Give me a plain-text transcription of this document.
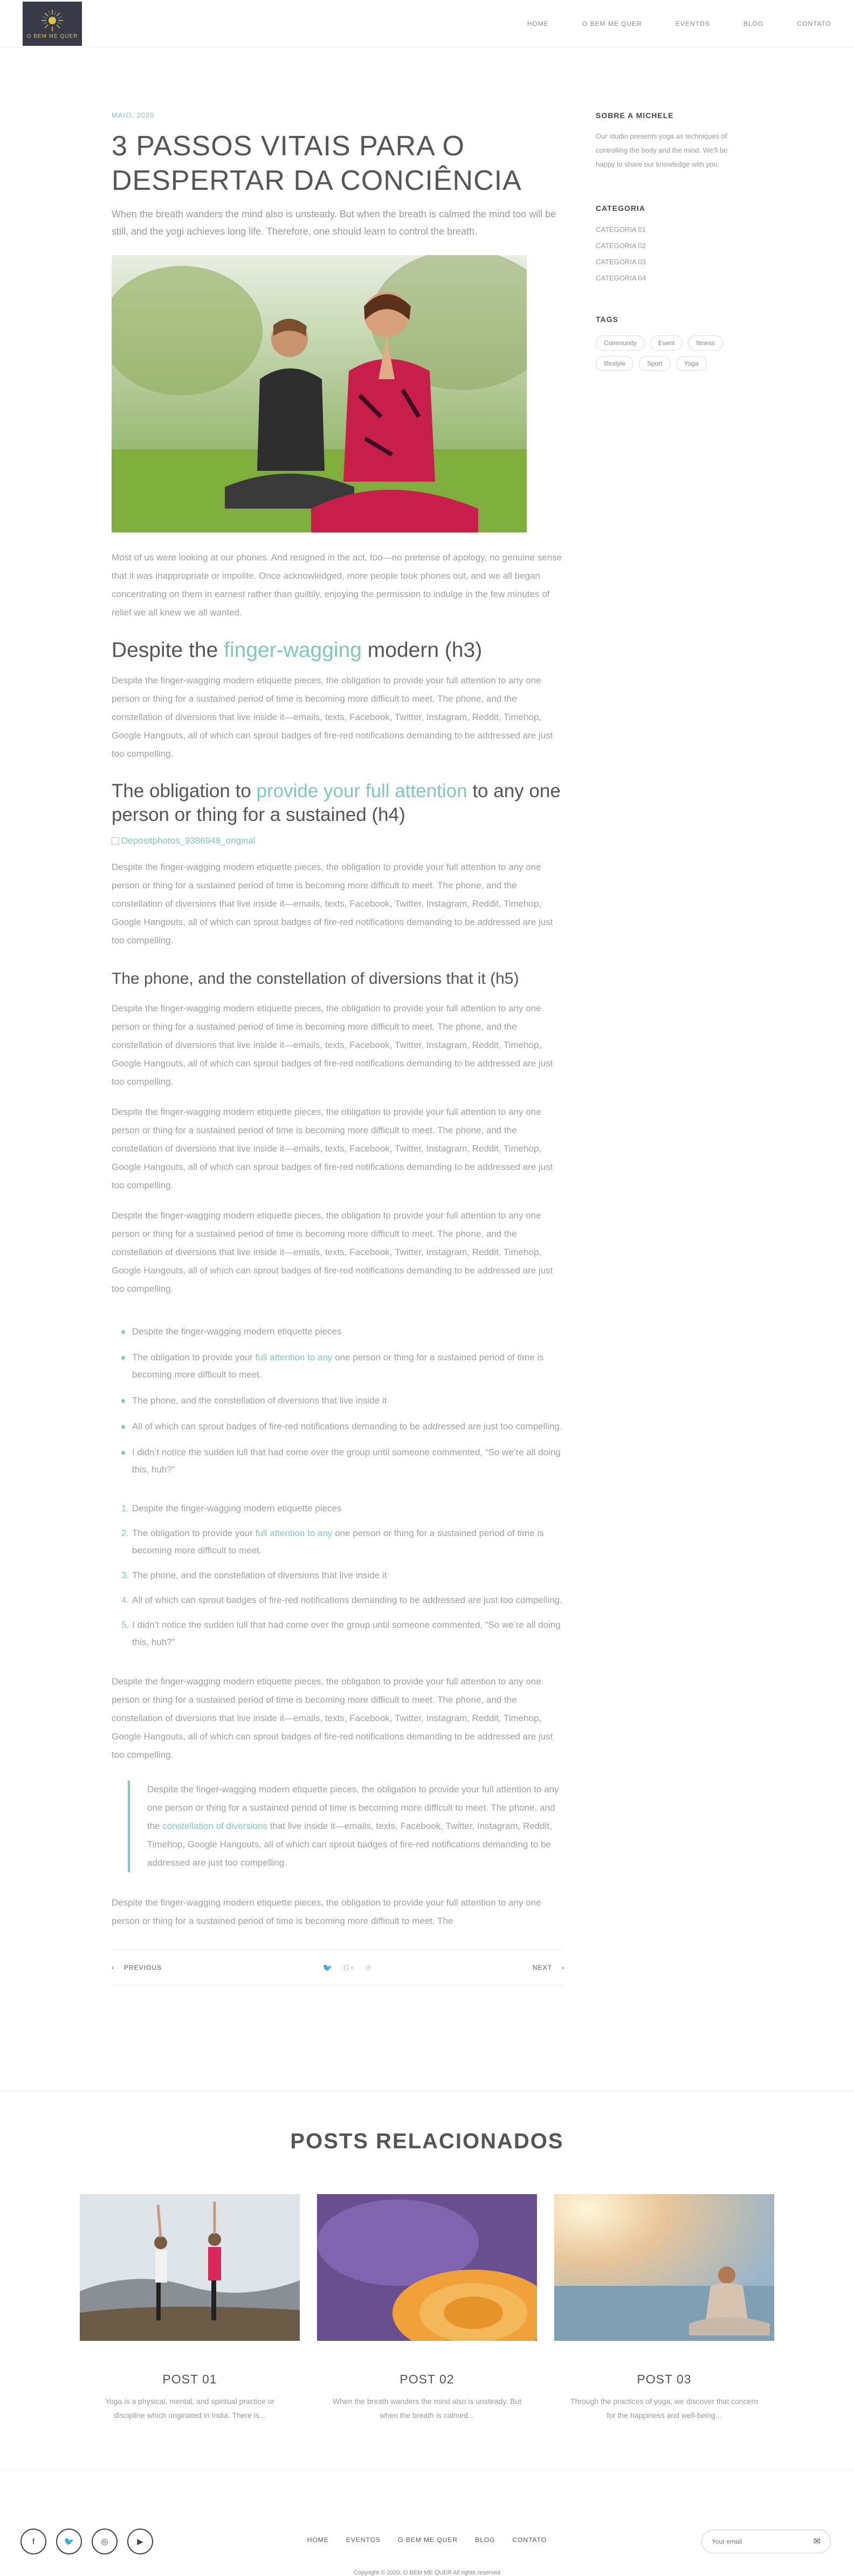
O BEM ME QUER
HOME	O BEM ME QUER	EVENTOS	BLOG	CONTATO
MAIO, 2020
3 PASSOS VITAIS PARA O DESPERTAR DA CONCIÊNCIA

When the breath wanders the mind also is unsteady. But when the breath is calmed the mind too will be still, and the yogi achieves long life. Therefore, one should learn to control the breath.

Most of us were looking at our phones. And resigned in the act, too—no pretense of apology, no genuine sense that it was inappropriate or impolite. Once acknowledged, more people took phones out, and we all began concentrating on them in earnest rather than guiltily, enjoying the permission to indulge in the few minutes of relief we all knew we all wanted.

Despite the finger-wagging modern (h3)

Despite the finger-wagging modern etiquette pieces, the obligation to provide your full attention to any one person or thing for a sustained period of time is becoming more difficult to meet. The phone, and the constellation of diversions that live inside it—emails, texts, Facebook, Twitter, Instagram, Reddit, Timehop, Google Hangouts, all of which can sprout badges of fire-red notifications demanding to be addressed are just too compelling.

The obligation to provide your full attention to any one person or thing for a sustained (h4)
Depositphotos_9386948_original

Despite the finger-wagging modern etiquette pieces, the obligation to provide your full attention to any one person or thing for a sustained period of time is becoming more difficult to meet. The phone, and the constellation of diversions that live inside it—emails, texts, Facebook, Twitter, Instagram, Reddit, Timehop, Google Hangouts, all of which can sprout badges of fire-red notifications demanding to be addressed are just too compelling.

The phone, and the constellation of diversions that it (h5)

Despite the finger-wagging modern etiquette pieces, the obligation to provide your full attention to any one person or thing for a sustained period of time is becoming more difficult to meet. The phone, and the constellation of diversions that live inside it—emails, texts, Facebook, Twitter, Instagram, Reddit, Timehop, Google Hangouts, all of which can sprout badges of fire-red notifications demanding to be addressed are just too compelling.

Despite the finger-wagging modern etiquette pieces, the obligation to provide your full attention to any one person or thing for a sustained period of time is becoming more difficult to meet. The phone, and the constellation of diversions that live inside it—emails, texts, Facebook, Twitter, Instagram, Reddit, Timehop, Google Hangouts, all of which can sprout badges of fire-red notifications demanding to be addressed are just too compelling.

Despite the finger-wagging modern etiquette pieces, the obligation to provide your full attention to any one person or thing for a sustained period of time is becoming more difficult to meet. The phone, and the constellation of diversions that live inside it—emails, texts, Facebook, Twitter, Instagram, Reddit, Timehop, Google Hangouts, all of which can sprout badges of fire-red notifications demanding to be addressed are just too compelling.

Despite the finger-wagging modern etiquette pieces
The obligation to provide your full attention to any one person or thing for a sustained period of time is becoming more difficult to meet.
The phone, and the constellation of diversions that live inside it
All of which can sprout badges of fire-red notifications demanding to be addressed are just too compelling.
I didn’t notice the sudden lull that had come over the group until someone commented, “So we’re all doing this, huh?”
1. Despite the finger-wagging modern etiquette pieces
2. The obligation to provide your full attention to any one person or thing for a sustained period of time is becoming more difficult to meet.
3. The phone, and the constellation of diversions that live inside it
4. All of which can sprout badges of fire-red notifications demanding to be addressed are just too compelling.
5. I didn’t notice the sudden lull that had come over the group until someone commented, “So we’re all doing this, huh?”

Despite the finger-wagging modern etiquette pieces, the obligation to provide your full attention to any one person or thing for a sustained period of time is becoming more difficult to meet. The phone, and the constellation of diversions that live inside it—emails, texts, Facebook, Twitter, Instagram, Reddit, Timehop, Google Hangouts, all of which can sprout badges of fire-red notifications demanding to be addressed are just too compelling.

Despite the finger-wagging modern etiquette pieces, the obligation to provide your full attention to any one person or thing for a sustained period of time is becoming more difficult to meet. The phone, and the constellation of diversions that live inside it—emails, texts, Facebook, Twitter, Instagram, Reddit, Timehop, Google Hangouts, all of which can sprout badges of fire-red notifications demanding to be addressed are just too compelling.

Despite the finger-wagging modern etiquette pieces, the obligation to provide your full attention to any one person or thing for a sustained period of time is becoming more difficult to meet. The

‹ PREVIOUS	🐦 G+ ℗	NEXT ›
SOBRE A MICHELE

Our studio presents yoga as techniques of controlling the body and the mind. We'll be happy to share our knowledge with you.

CATEGORIA
CATEGORIA 01
CATEGORIA 02
CATEGORIA 03
CATEGORIA 04
TAGS
Community	Event	fitness
lifestyle	Sport	Yoga
POSTS RELACIONADOS
POST 01

Yoga is a physical, mental, and spiritual practice or discipline which originated in India. There is...

POST 02

When the breath wanders the mind also is unsteady. But when the breath is calmed...

POST 03

Through the practices of yoga, we discover that concern for the happiness and well-being...

f	🐦	◎	▶	HOME	EVENTOS	O BEM ME QUER	BLOG	CONTATO
Your email	✉
Copyright © 2020. O BEM ME QUER All rights reserved
